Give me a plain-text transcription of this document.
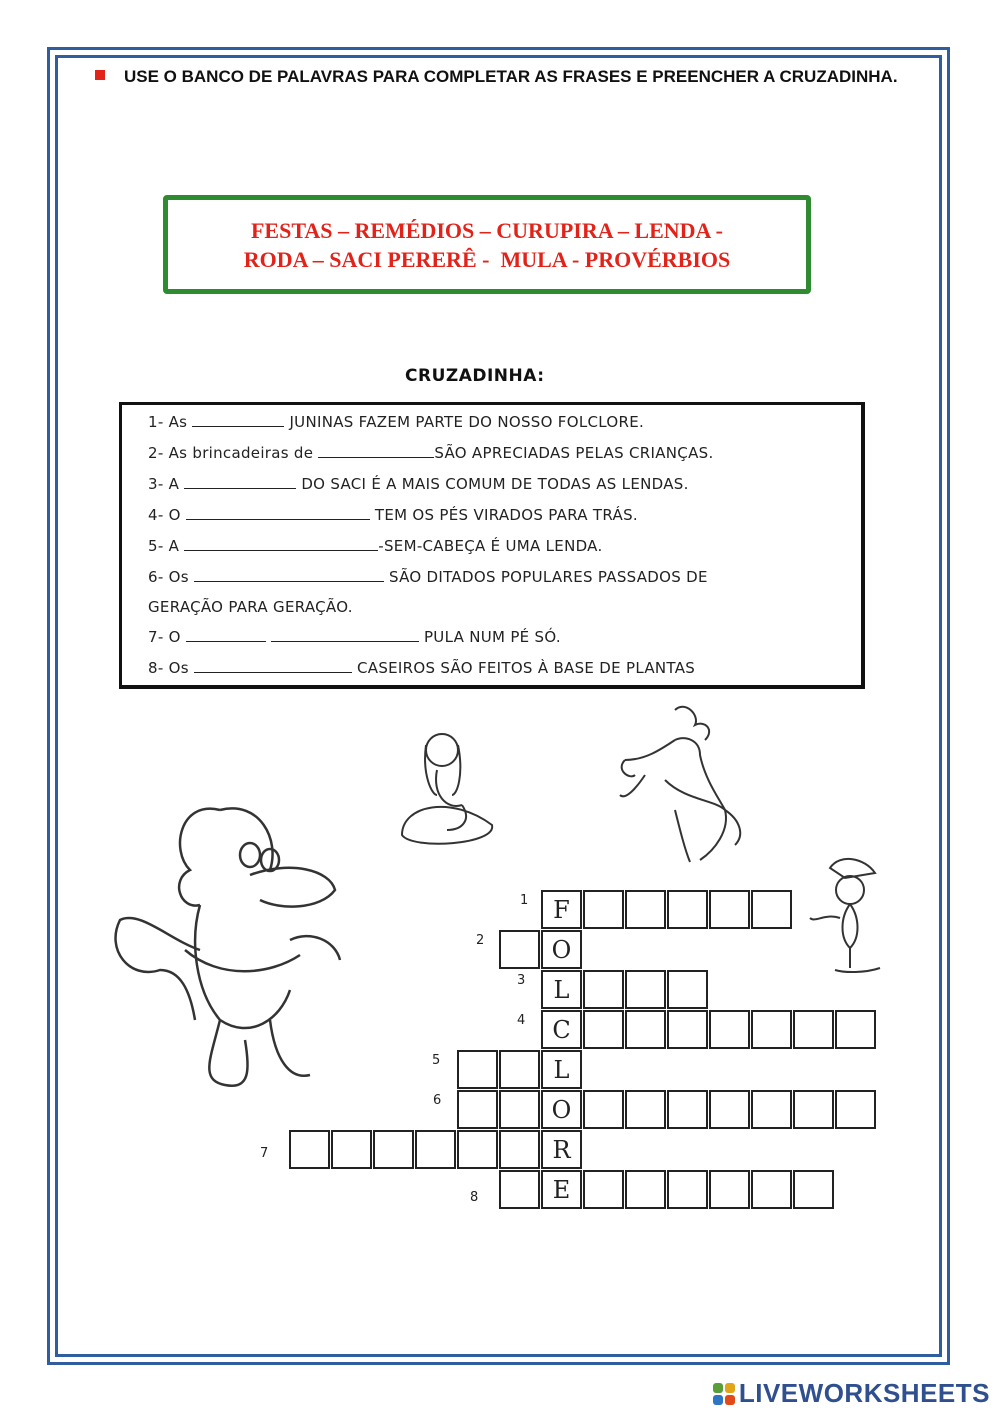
USE O BANCO DE PALAVRAS PARA COMPLETAR AS FRASES E PREENCHER A CRUZADINHA.
FESTAS – REMÉDIOS – CURUPIRA – LENDA -
RODA – SACI PERERÊ -  MULA - PROVÉRBIOS
CRUZADINHA:
1- As	JUNINAS FAZEM PARTE DO NOSSO FOLCLORE.
2- As brincadeiras de	SÃO APRECIADAS PELAS CRIANÇAS.
3- A	DO SACI É A MAIS COMUM DE TODAS AS LENDAS.
4- O	TEM OS PÉS VIRADOS PARA TRÁS.
5- A	-SEM-CABEÇA É UMA LENDA.
6- Os	SÃO DITADOS POPULARES PASSADOS DE
GERAÇÃO PARA GERAÇÃO.
7- O	PULA NUM PÉ SÓ.
8- Os	CASEIROS SÃO FEITOS À BASE DE PLANTAS
F
1
O
2
L
3
C
4
L
5
O
6
R
7
E
8
LIVEWORKSHEETS
